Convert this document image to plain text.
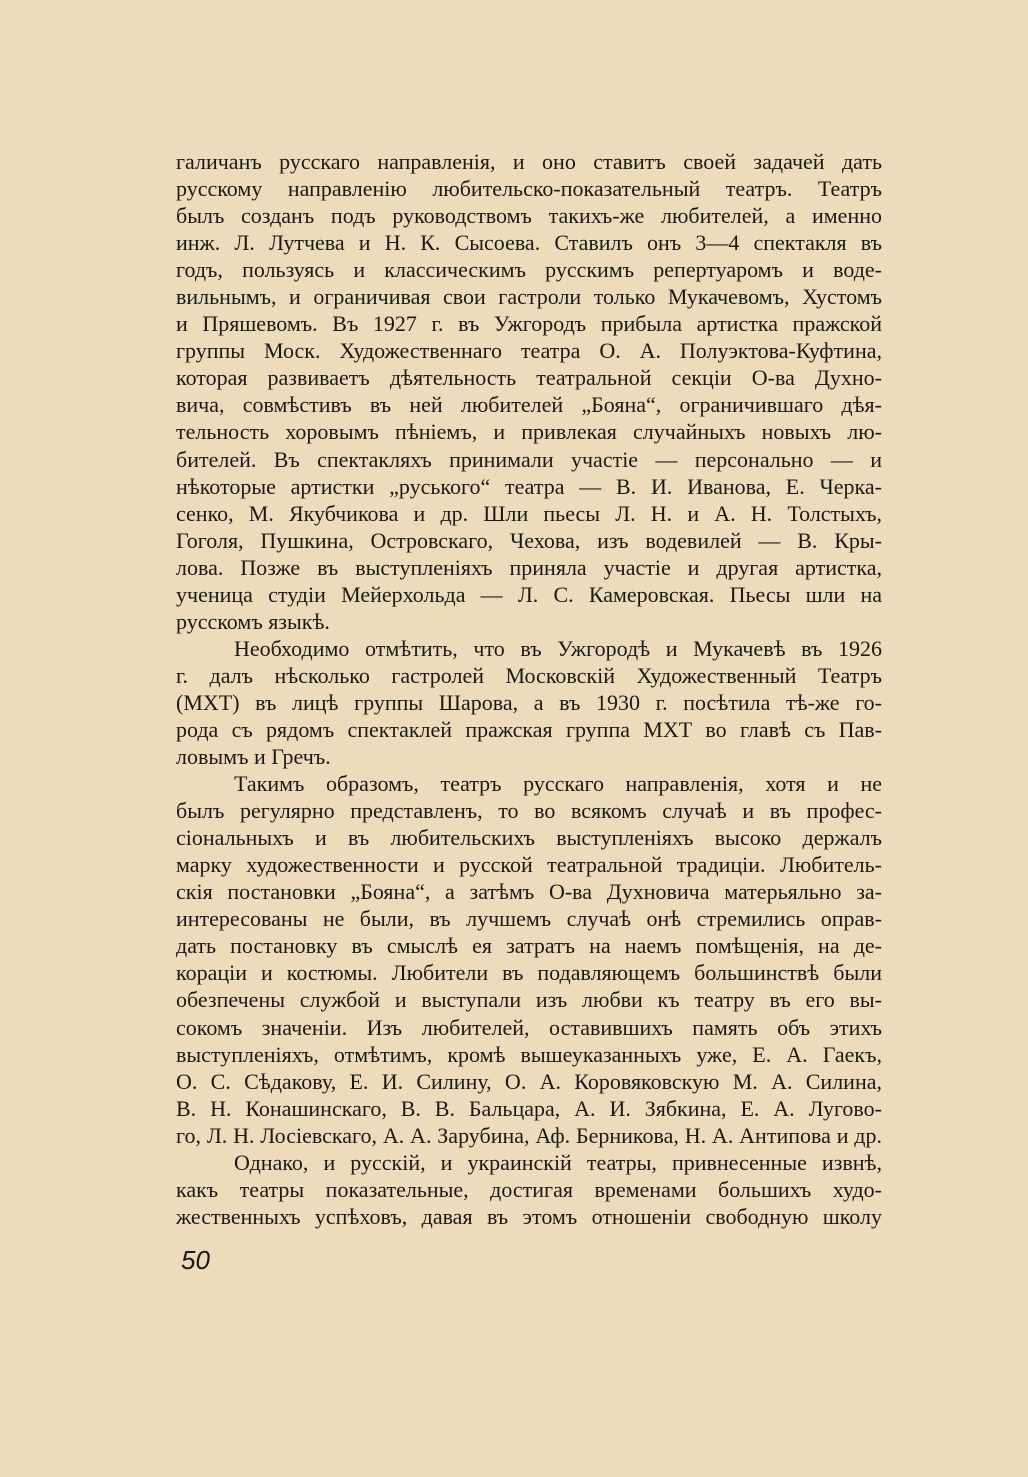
галичанъ русскаго направленія, и оно ставитъ своей задачей дать
русскому направленію любительско-показательный театръ. Театръ
былъ созданъ подъ руководствомъ такихъ-же любителей, а именно
инж. Л. Лутчева и Н. К. Сысоева. Ставилъ онъ 3—4 спектакля въ
годъ, пользуясь и классическимъ русскимъ репертуаромъ и воде-
вильнымъ, и ограничивая свои гастроли только Мукачевомъ, Хустомъ
и Пряшевомъ. Въ 1927 г. въ Ужгородъ прибыла артистка пражской
группы Моск. Художественнаго театра О. А. Полуэктова-Куфтина,
которая развиваетъ дѣятельность театральной секціи О-ва Духно-
вича, совмѣстивъ въ ней любителей „Бояна“, ограничившаго дѣя-
тельность хоровымъ пѣніемъ, и привлекая случайныхъ новыхъ лю-
бителей. Въ спектакляхъ принимали участіе — персонально — и
нѣкоторые артистки „руського“ театра — В. И. Иванова, Е. Черка-
сенко, М. Якубчикова и др. Шли пьесы Л. Н. и А. Н. Толстыхъ,
Гоголя, Пушкина, Островскаго, Чехова, изъ водевилей — В. Кры-
лова. Позже въ выступленіяхъ приняла участіе и другая артистка,
ученица студіи Мейерхольда — Л. С. Камеровская. Пьесы шли на
русскомъ языкѣ.
Необходимо отмѣтить, что въ Ужгородѣ и Мукачевѣ въ 1926
г. далъ нѣсколько гастролей Московскій Художественный Театръ
(МХТ) въ лицѣ группы Шарова, а въ 1930 г. посѣтила тѣ-же го-
рода съ рядомъ спектаклей пражская группа МХТ во главѣ съ Пав-
ловымъ и Гречъ.
Такимъ образомъ, театръ русскаго направленія, хотя и не
былъ регулярно представленъ, то во всякомъ случаѣ и въ профес-
сіональныхъ и въ любительскихъ выступленіяхъ высоко держалъ
марку художественности и русской театральной традиціи. Любитель-
скія постановки „Бояна“, а затѣмъ О-ва Духновича матерьяльно за-
интересованы не были, въ лучшемъ случаѣ онѣ стремились оправ-
дать постановку въ смыслѣ ея затратъ на наемъ помѣщенія, на де-
кораціи и костюмы. Любители въ подавляющемъ большинствѣ были
обезпечены службой и выступали изъ любви къ театру въ его вы-
сокомъ значеніи. Изъ любителей, оставившихъ память объ этихъ
выступленіяхъ, отмѣтимъ, кромѣ вышеуказанныхъ уже, Е. А. Гаекъ,
О. С. Сѣдакову, Е. И. Силину, О. А. Коровяковскую М. А. Силина,
В. Н. Конашинскаго, В. В. Бальцара, А. И. Зябкина, Е. А. Лугово-
го, Л. Н. Лосіевскаго, А. А. Зарубина, Аф. Берникова, Н. А. Антипова и др.
Однако, и русскій, и украинскій театры, привнесенные извнѣ,
какъ театры показательные, достигая временами большихъ худо-
жественныхъ успѣховъ, давая въ этомъ отношеніи свободную школу
50
